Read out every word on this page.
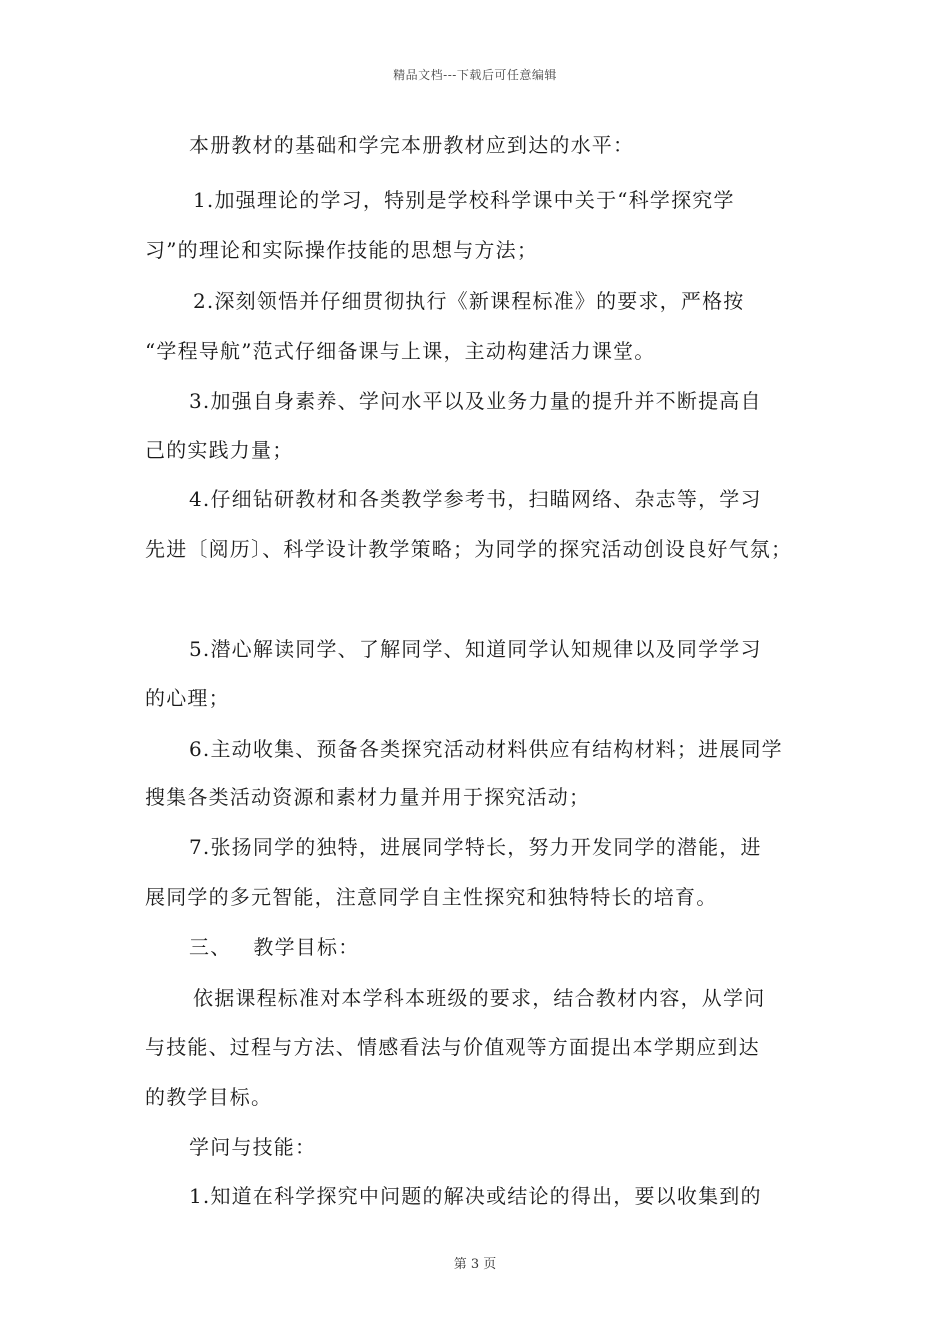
精品文档---下载后可任意编辑
本册教材的基础和学完本册教材应到达的水平：
1.加强理论的学习，特别是学校科学课中关于“科学探究学
习”的理论和实际操作技能的思想与方法；
2.深刻领悟并仔细贯彻执行《新课程标准》的要求，严格按
“学程导航”范式仔细备课与上课，主动构建活力课堂。
3.加强自身素养、学问水平以及业务力量的提升并不断提高自
己的实践力量；
4.仔细钻研教材和各类教学参考书，扫瞄网络、杂志等，学习
先进〔阅历〕、科学设计教学策略；为同学的探究活动创设良好气氛；
5.潜心解读同学、了解同学、知道同学认知规律以及同学学习
的心理；
6.主动收集、预备各类探究活动材料供应有结构材料；进展同学
搜集各类活动资源和素材力量并用于探究活动；
7.张扬同学的独特，进展同学特长，努力开发同学的潜能，进
展同学的多元智能，注意同学自主性探究和独特特长的培育。
三、 教学目标：
依据课程标准对本学科本班级的要求，结合教材内容，从学问
与技能、过程与方法、情感看法与价值观等方面提出本学期应到达
的教学目标。
学问与技能：
1.知道在科学探究中问题的解决或结论的得出，要以收集到的
第 3 页
